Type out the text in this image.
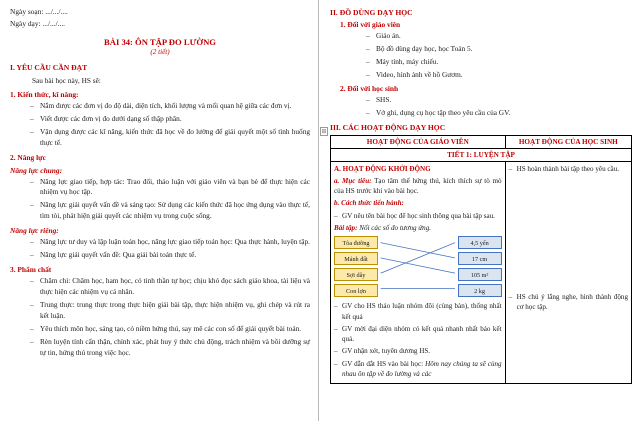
Ngày soạn: .../.../....
Ngày dạy: .../.../....
BÀI 34: ÔN TẬP ĐO LƯỜNG
(2 tiết)
I. YÊU CẦU CẦN ĐẠT
Sau bài học này, HS sẽ:
1. Kiến thức, kĩ năng:
– Nắm được các đơn vị đo độ dài, diện tích, khối lượng và mối quan hệ giữa các đơn vị.
– Viết được các đơn vị đo dưới dạng số thập phân.
– Vận dụng được các kĩ năng, kiến thức đã học về đo lường để giải quyết một số tình huống thực tế.
2. Năng lực
Năng lực chung:
– Năng lực giao tiếp, hợp tác: Trao đổi, thảo luận với giáo viên và bạn bè để thực hiện các nhiệm vụ học tập.
– Năng lực giải quyết vấn đề và sáng tạo: Sử dụng các kiến thức đã học ứng dụng vào thực tế, tìm tòi, phát hiện giải quyết các nhiệm vụ trong cuộc sống.
Năng lực riêng:
– Năng lực tư duy và lập luận toán học, năng lực giao tiếp toán học: Qua thực hành, luyện tập.
– Năng lực giải quyết vấn đề: Qua giải bài toán thực tế.
3. Phẩm chất
– Chăm chỉ: Chăm học, ham học, có tinh thần tự học; chịu khó đọc sách giáo khoa, tài liệu và thực hiện các nhiệm vụ cá nhân.
– Trung thực: trung thực trong thực hiện giải bài tập, thực hiện nhiệm vụ, ghi chép và rút ra kết luận.
– Yêu thích môn học, sáng tạo, có niềm hứng thú, say mê các con số để giải quyết bài toán.
– Rèn luyện tính cẩn thận, chính xác, phát huy ý thức chủ động, trách nhiệm và bồi dưỡng sự tự tin, hứng thú trong việc học.
II. ĐỒ DÙNG DẠY HỌC
1. Đối với giáo viên
– Giáo án.
– Bộ đồ dùng dạy học, học Toán 5.
– Máy tính, máy chiếu.
– Video, hình ảnh về hồ Gươm.
2. Đối với học sinh
– SHS.
– Vở ghi, dụng cụ học tập theo yêu cầu của GV.
III. CÁC HOẠT ĐỘNG DẠY HỌC
⊞
HOẠT ĐỘNG CỦA GIÁO VIÊN	HOẠT ĐỘNG CỦA HỌC SINH
TIẾT 1: LUYỆN TẬP	

A. HOẠT ĐỘNG KHỞI ĐỘNG

a. Mục tiêu: Tạo tâm thế hứng thú, kích thích sự tò mò của HS trước khi vào bài học.

b. Cách thức tiến hành:

– GV nêu tên bài học để học sinh thông qua bài tập sau.

Bài tập: Nối các số đo tương ứng.

Tòa đường
Mảnh đất
Sợi dây
Con lợn
4,5 yến
17 cm
105 m²
2 kg

– GV cho HS thảo luận nhóm đôi (cùng bàn), thống nhất kết quả

– GV mời đại diện nhóm có kết quả nhanh nhất báo kết quả.

– GV nhận xét, tuyên dương HS.

– GV dẫn dắt HS vào bài học: Hôm nay chúng ta sẽ cùng nhau ôn tập về đo lường và các

– HS hoàn thành bài tập theo yêu cầu.

– HS chú ý lắng nghe, hình thành động cơ học tập.
